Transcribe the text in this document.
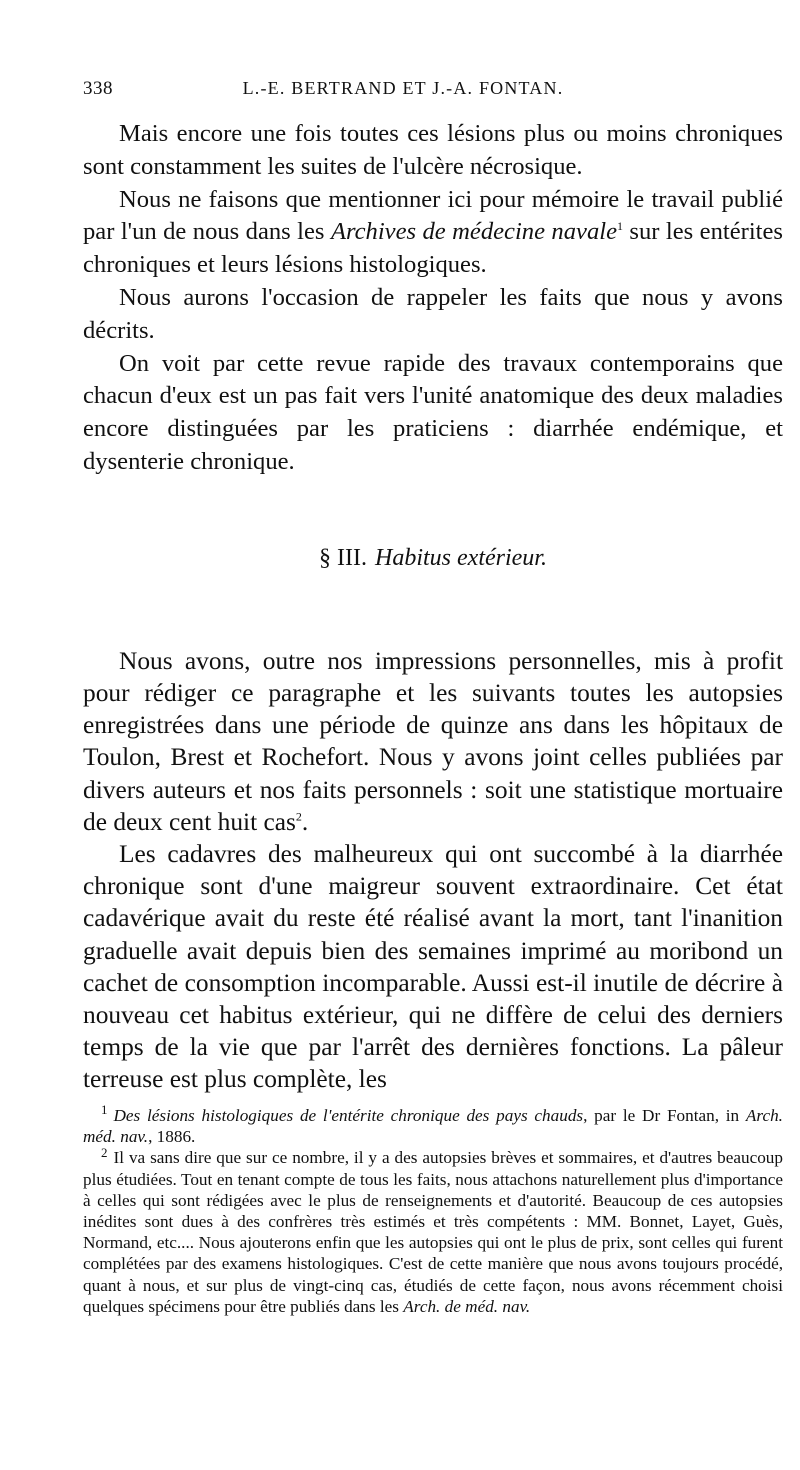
338	L.-E. BERTRAND ET J.-A. FONTAN.

Mais encore une fois toutes ces lésions plus ou moins chroniques sont constamment les suites de l'ulcère nécrosique.

Nous ne faisons que mentionner ici pour mémoire le travail publié par l'un de nous dans les Archives de médecine navale$^1$ sur les entérites chroniques et leurs lésions histologiques.

Nous aurons l'occasion de rappeler les faits que nous y avons décrits.

On voit par cette revue rapide des travaux contemporains que chacun d'eux est un pas fait vers l'unité anatomique des deux maladies encore distinguées par les praticiens : diarrhée endémique, et dysenterie chronique.

§ III. Habitus extérieur.

Nous avons, outre nos impressions personnelles, mis à profit pour rédiger ce paragraphe et les suivants toutes les autopsies enregistrées dans une période de quinze ans dans les hôpitaux de Toulon, Brest et Rochefort. Nous y avons joint celles publiées par divers auteurs et nos faits personnels : soit une statistique mortuaire de deux cent huit cas$^2$.

Les cadavres des malheureux qui ont succombé à la diarrhée chronique sont d'une maigreur souvent extraordinaire. Cet état cadavérique avait du reste été réalisé avant la mort, tant l'inanition graduelle avait depuis bien des semaines imprimé au moribond un cachet de consomption incomparable. Aussi est-il inutile de décrire à nouveau cet habitus extérieur, qui ne diffère de celui des derniers temps de la vie que par l'arrêt des dernières fonctions. La pâleur terreuse est plus complète, les

$^1$ Des lésions histologiques de l'entérite chronique des pays chauds, par le Dr Fontan, in Arch. méd. nav., 1886.

$^2$ Il va sans dire que sur ce nombre, il y a des autopsies brèves et sommaires, et d'autres beaucoup plus étudiées. Tout en tenant compte de tous les faits, nous attachons naturellement plus d'importance à celles qui sont rédigées avec le plus de renseignements et d'autorité. Beaucoup de ces autopsies inédites sont dues à des confrères très estimés et très compétents : MM. Bonnet, Layet, Guès, Normand, etc.... Nous ajouterons enfin que les autopsies qui ont le plus de prix, sont celles qui furent complétées par des examens histologiques. C'est de cette manière que nous avons toujours procédé, quant à nous, et sur plus de vingt-cinq cas, étudiés de cette façon, nous avons récemment choisi quelques spécimens pour être publiés dans les Arch. de méd. nav.
